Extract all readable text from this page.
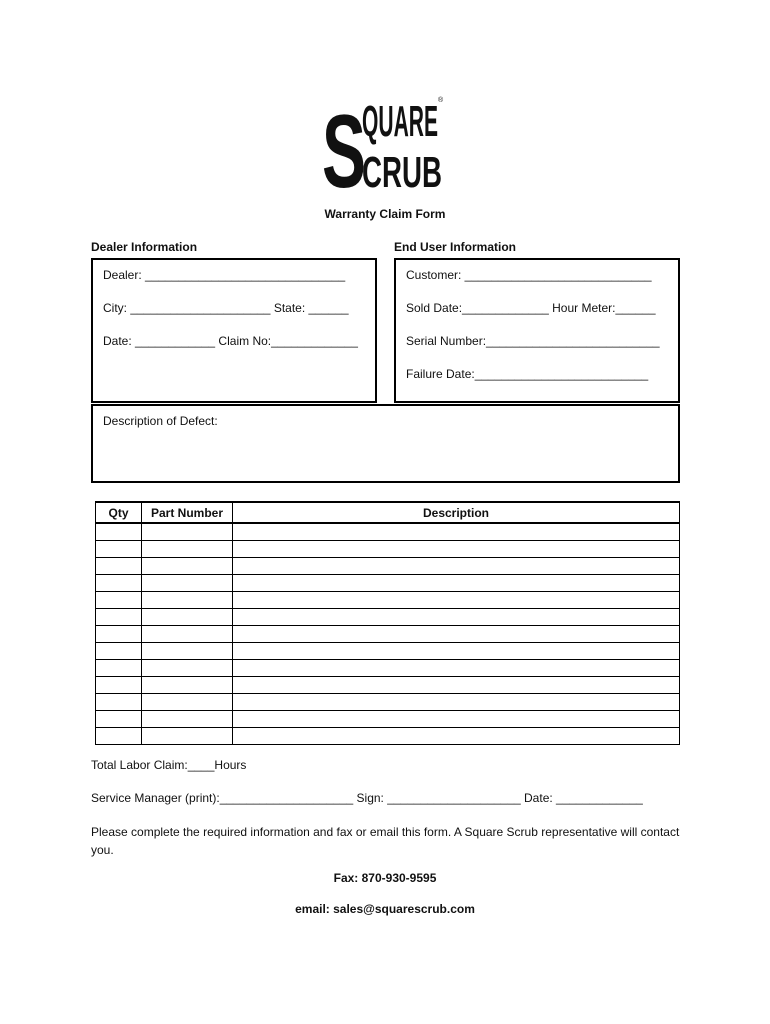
S
QUARE
CRUB
®
Warranty Claim Form
Dealer Information	End User Information
Dealer: ______________________________
City: _____________________ State: ______
Date: ____________ Claim No:_____________
Customer: ____________________________
Sold Date:_____________ Hour Meter:______
Serial Number:__________________________
Failure Date:__________________________
Description of Defect:
Qty	Part Number	Description

Total Labor Claim:____Hours
Service Manager (print):____________________ Sign: ____________________ Date: _____________
Please complete the required information and fax or email this form. A Square Scrub representative will contact you.
Fax: 870-930-9595
email: sales@squarescrub.com
